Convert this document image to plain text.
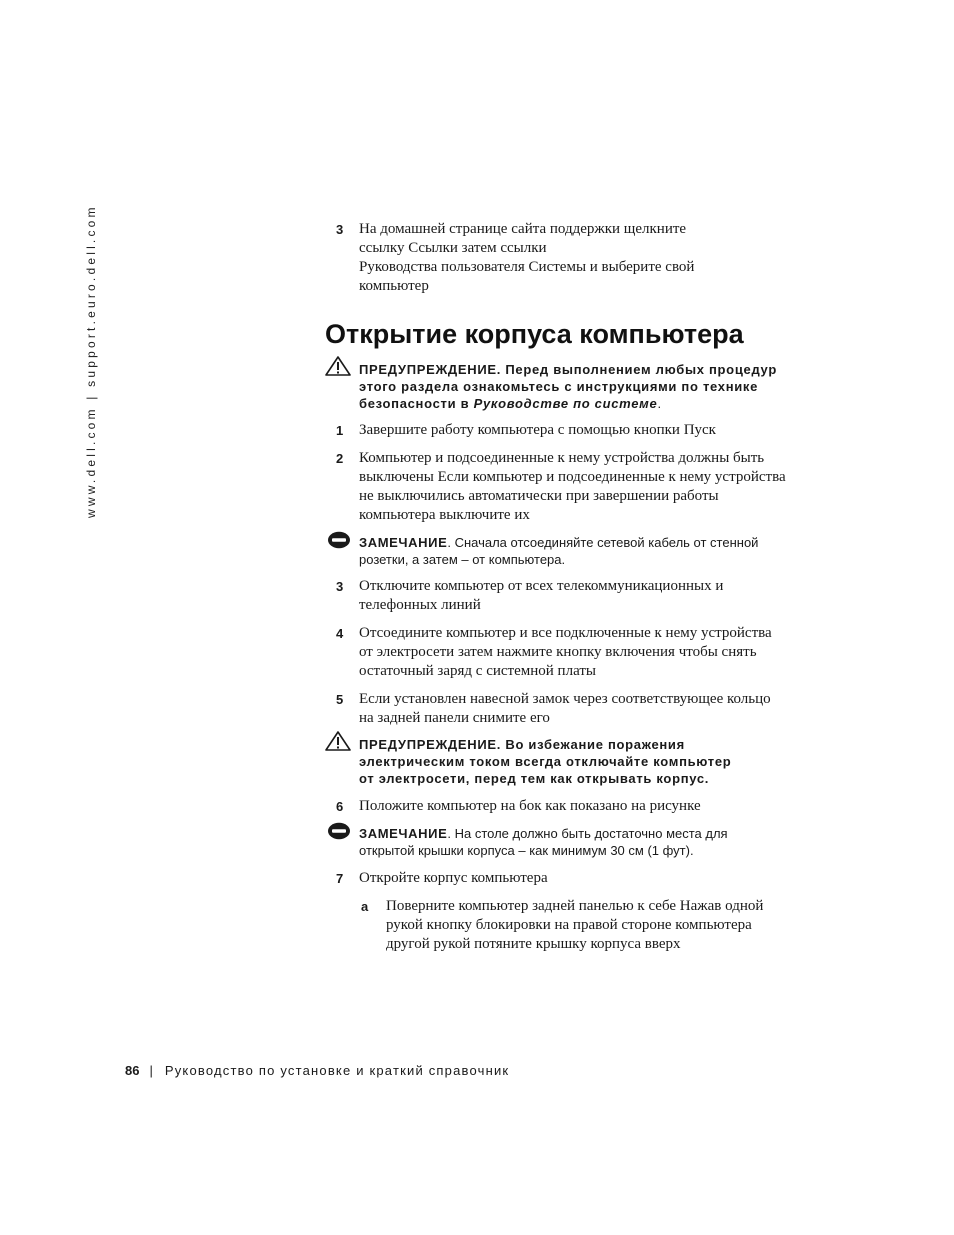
www.dell.com | support.euro.dell.com	3	На домашней странице сайта поддержки щелкните
ссылку Ссылки затем ссылки
Руководства пользователя Системы и выберите свой
компьютер
Открытие корпуса компьютера
ПРЕДУПРЕЖДЕНИЕ. Перед выполнением любых процедур
этого раздела ознакомьтесь с инструкциями по технике
безопасности в Руководстве по системе.
1	Завершите работу компьютера с помощью кнопки Пуск
2	Компьютер и подсоединенные к нему устройства должны быть
выключены Если компьютер и подсоединенные к нему устройства
не выключились автоматически при завершении работы
компьютера выключите их
ЗАМЕЧАНИЕ. Сначала отсоединяйте сетевой кабель от стенной
розетки, а затем – от компьютера.
3	Отключите компьютер от всех телекоммуникационных и
телефонных линий
4	Отсоедините компьютер и все подключенные к нему устройства
от электросети затем нажмите кнопку включения чтобы снять
остаточный заряд с системной платы
5	Если установлен навесной замок через соответствующее кольцо
на задней панели снимите его
ПРЕДУПРЕЖДЕНИЕ. Во избежание поражения
электрическим током всегда отключайте компьютер
от электросети, перед тем как открывать корпус.
6	Положите компьютер на бок как показано на рисунке
ЗАМЕЧАНИЕ. На столе должно быть достаточно места для
открытой крышки корпуса – как минимум 30 см (1 фут).
7	Откройте корпус компьютера
a Поверните компьютер задней панелью к себе Нажав одной
рукой кнопку блокировки на правой стороне компьютера
другой рукой потяните крышку корпуса вверх
86 | Руководство по установке и краткий справочник
